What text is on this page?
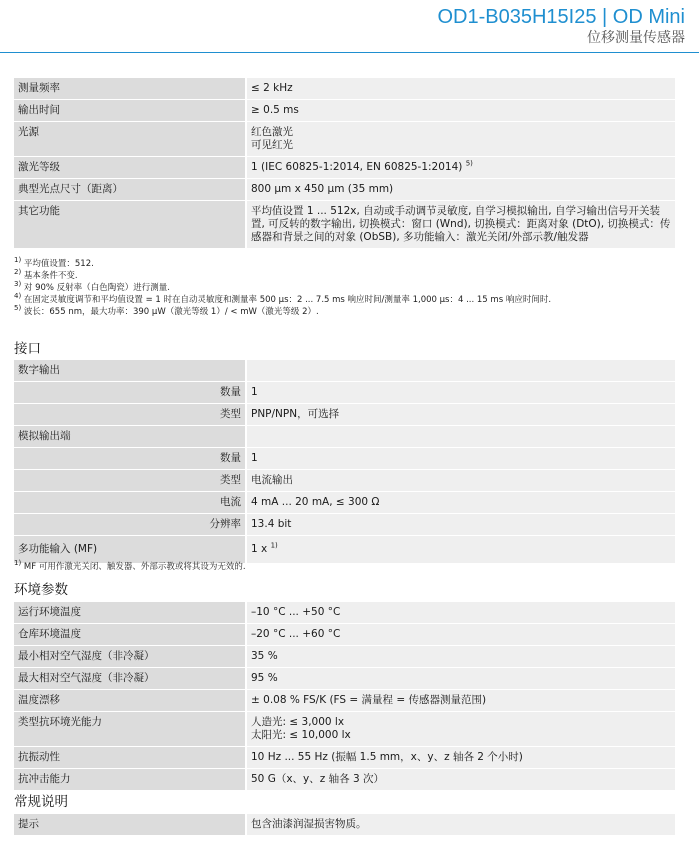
OD1-B035H15I25 | OD Mini
位移测量传感器
测量频率	≤ 2 kHz
输出时间	≥ 0.5 ms
光源	红色激光
可见红光

激光等级	1 (IEC 60825-1:2014, EN 60825-1:2014) $^{5)}$
典型光点尺寸（距离）	800 μm x 450 μm (35 mm)
其它功能	平均值设置 1 ... 512x, 自动或手动调节灵敏度, 自学习模拟输出, 自学习输出信号开关装置, 可反转的数字输出, 切换模式：窗口 (Wnd), 切换模式：距离对象 (DtO), 切换模式：传感器和背景之间的对象 (ObSB), 多功能输入：激光关闭/外部示教/触发器
$^{1)}$ 平均值设置：512.
$^{2)}$ 基本条件不变.
$^{3)}$ 对 90% 反射率（白色陶瓷）进行测量.
$^{4)}$ 在固定灵敏度调节和平均值设置 = 1 时在自动灵敏度和测量率 500 μs：2 ... 7.5 ms 响应时间/测量率 1,000 μs：4 ... 15 ms 响应时间时.
$^{5)}$ 波长：655 nm，最大功率：390 μW（激光等级 1）/ < mW（激光等级 2）.
接口
数字输出	
数量	1
类型	PNP/NPN，可选择
模拟输出端	
数量	1
类型	电流输出
电流	4 mA ... 20 mA, ≤ 300 Ω
分辨率	13.4 bit
多功能输入 (MF)	1 x $^{1)}$
$^{1)}$ MF 可用作激光关闭、触发器、外部示教或将其设为无效的.
环境参数
运行环境温度	–10 °C ... +50 °C
仓库环境温度	–20 °C ... +60 °C
最小相对空气湿度（非冷凝）	35 %
最大相对空气湿度（非冷凝）	95 %
温度漂移	± 0.08 % FS/K (FS = 满量程 = 传感器测量范围)
类型抗环境光能力	人造光: ≤ 3,000 lx
太阳光: ≤ 10,000 lx

抗振动性	10 Hz ... 55 Hz (振幅 1.5 mm，x、y、z 轴各 2 个小时)
抗冲击能力	50 G（x、y、z 轴各 3 次）
常规说明
提示	包含油漆润湿损害物质。
